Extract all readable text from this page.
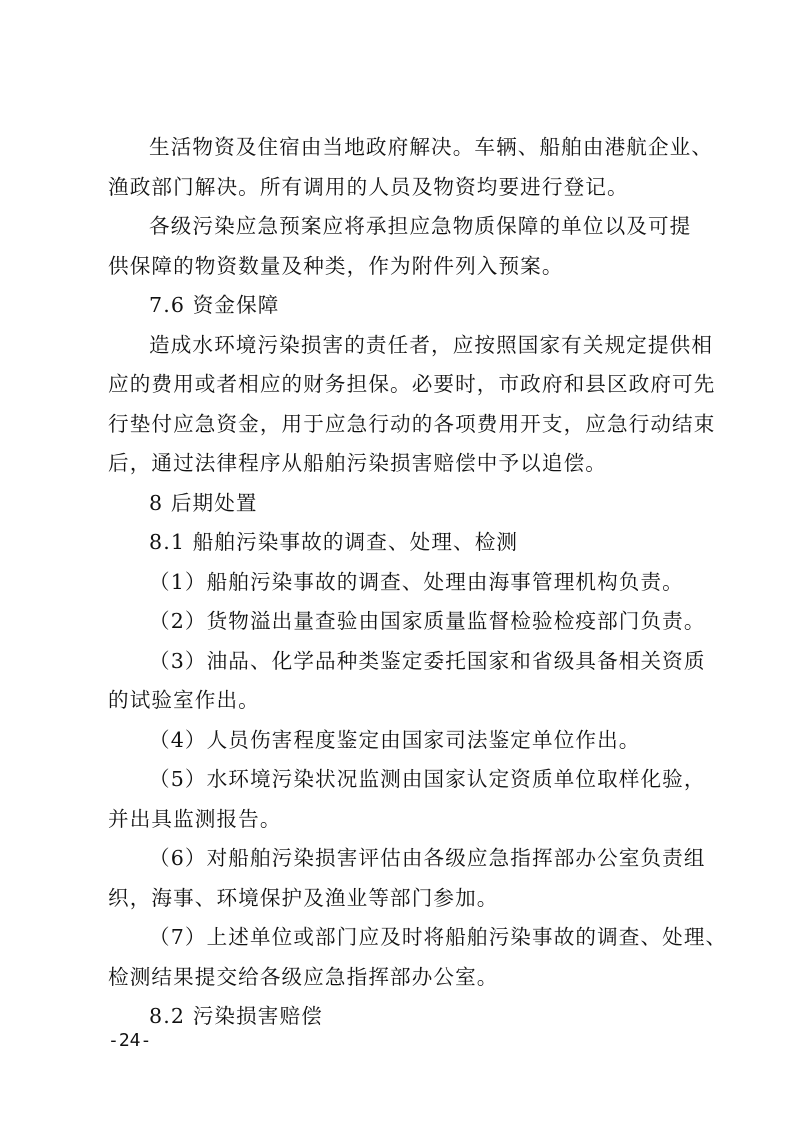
生活物资及住宿由当地政府解决。车辆、船舶由港航企业、
渔政部门解决。所有调用的人员及物资均要进行登记。
各级污染应急预案应将承担应急物质保障的单位以及可提
供保障的物资数量及种类，作为附件列入预案。
7.6 资金保障
造成水环境污染损害的责任者，应按照国家有关规定提供相
应的费用或者相应的财务担保。必要时，市政府和县区政府可先
行垫付应急资金，用于应急行动的各项费用开支，应急行动结束
后，通过法律程序从船舶污染损害赔偿中予以追偿。
8 后期处置
8.1 船舶污染事故的调查、处理、检测
（1）船舶污染事故的调查、处理由海事管理机构负责。
（2）货物溢出量查验由国家质量监督检验检疫部门负责。
（3）油品、化学品种类鉴定委托国家和省级具备相关资质
的试验室作出。
（4）人员伤害程度鉴定由国家司法鉴定单位作出。
（5）水环境污染状况监测由国家认定资质单位取样化验，
并出具监测报告。
（6）对船舶污染损害评估由各级应急指挥部办公室负责组
织，海事、环境保护及渔业等部门参加。
（7）上述单位或部门应及时将船舶污染事故的调查、处理、
检测结果提交给各级应急指挥部办公室。
8.2 污染损害赔偿
-24-
